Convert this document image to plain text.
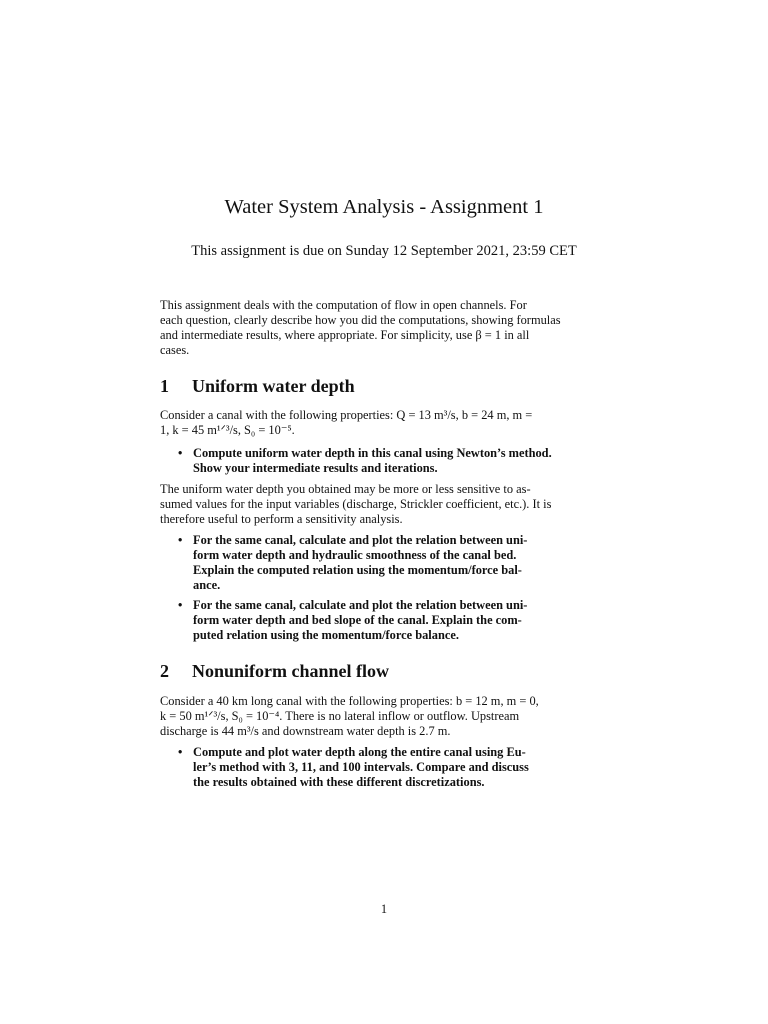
Water System Analysis - Assignment 1
This assignment is due on Sunday 12 September 2021, 23:59 CET
This assignment deals with the computation of flow in open channels. For
each question, clearly describe how you did the computations, showing formulas
and intermediate results, where appropriate. For simplicity, use β = 1 in all
cases.
1 Uniform water depth
Consider a canal with the following properties: Q = 13 m³/s, b = 24 m, m =
1, k = 45 m¹ᐟ³/s, S₀ = 10⁻⁵.
• Compute uniform water depth in this canal using Newton’s method.
Show your intermediate results and iterations.
The uniform water depth you obtained may be more or less sensitive to as-
sumed values for the input variables (discharge, Strickler coefficient, etc.). It is
therefore useful to perform a sensitivity analysis.
• For the same canal, calculate and plot the relation between uni-
form water depth and hydraulic smoothness of the canal bed.
Explain the computed relation using the momentum/force bal-
ance.
• For the same canal, calculate and plot the relation between uni-
form water depth and bed slope of the canal. Explain the com-
puted relation using the momentum/force balance.
2 Nonuniform channel flow
Consider a 40 km long canal with the following properties: b = 12 m, m = 0,
k = 50 m¹ᐟ³/s, S₀ = 10⁻⁴. There is no lateral inflow or outflow. Upstream
discharge is 44 m³/s and downstream water depth is 2.7 m.
• Compute and plot water depth along the entire canal using Eu-
ler’s method with 3, 11, and 100 intervals. Compare and discuss
the results obtained with these different discretizations.
1
